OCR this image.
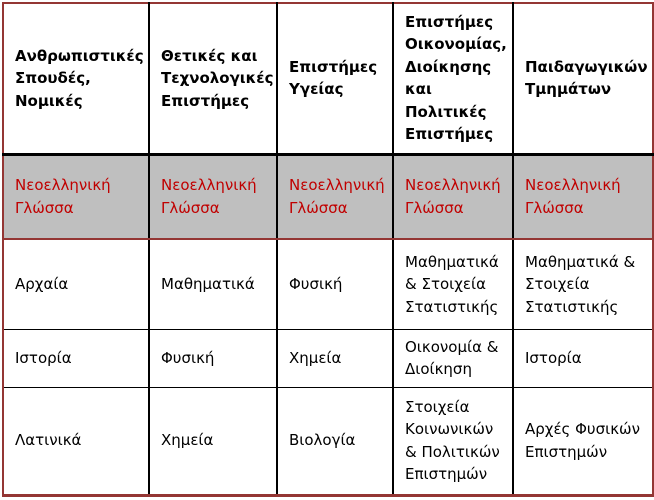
Ανθρωπιστικές Σπουδές, Νομικές	Θετικές και Τεχνολογικές Επιστήμες	Επιστήμες Υγείας	Επιστήμες Οικονομίας, Διοίκησης και Πολιτικές Επιστήμες	Παιδαγωγικών Τμημάτων
Νεοελληνική Γλώσσα	Νεοελληνική Γλώσσα	Νεοελληνική Γλώσσα	Νεοελληνική Γλώσσα	Νεοελληνική Γλώσσα
Αρχαία	Μαθηματικά	Φυσική	Μαθηματικά & Στοιχεία Στατιστικής	Μαθηματικά & Στοιχεία Στατιστικής
Ιστορία	Φυσική	Χημεία	Οικονομία & Διοίκηση	Ιστορία
Λατινικά	Χημεία	Βιολογία	Στοιχεία Κοινωνικών & Πολιτικών Επιστημών	Αρχές Φυσικών Επιστημών
